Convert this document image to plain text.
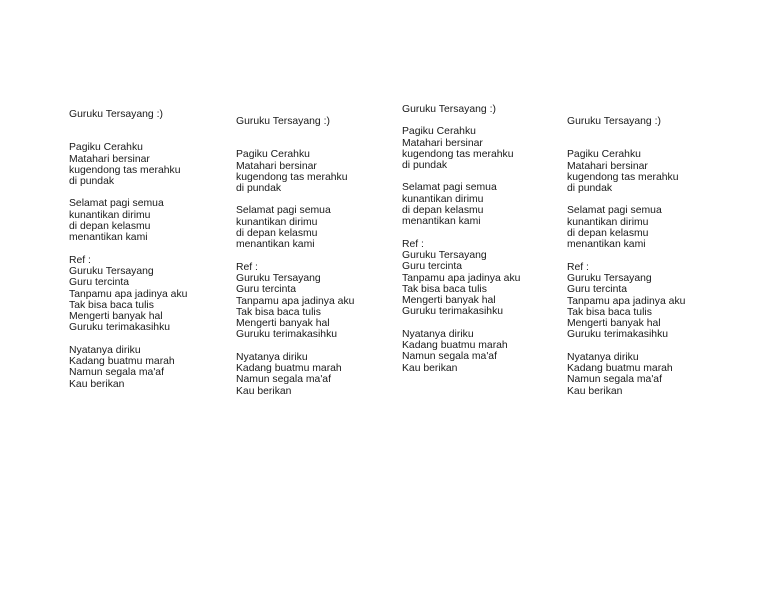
Guruku Tersayang :)
Pagiku Cerahku
Matahari bersinar
kugendong tas merahku
di pundak
Selamat pagi semua
kunantikan dirimu
di depan kelasmu
menantikan kami
Ref :
Guruku Tersayang
Guru tercinta
Tanpamu apa jadinya aku
Tak bisa baca tulis
Mengerti banyak hal
Guruku terimakasihku
Nyatanya diriku
Kadang buatmu marah
Namun segala ma'af
Kau berikan
Guruku Tersayang :)
Pagiku Cerahku
Matahari bersinar
kugendong tas merahku
di pundak
Selamat pagi semua
kunantikan dirimu
di depan kelasmu
menantikan kami
Ref :
Guruku Tersayang
Guru tercinta
Tanpamu apa jadinya aku
Tak bisa baca tulis
Mengerti banyak hal
Guruku terimakasihku
Nyatanya diriku
Kadang buatmu marah
Namun segala ma'af
Kau berikan
Guruku Tersayang :)
Pagiku Cerahku
Matahari bersinar
kugendong tas merahku
di pundak
Selamat pagi semua
kunantikan dirimu
di depan kelasmu
menantikan kami
Ref :
Guruku Tersayang
Guru tercinta
Tanpamu apa jadinya aku
Tak bisa baca tulis
Mengerti banyak hal
Guruku terimakasihku
Nyatanya diriku
Kadang buatmu marah
Namun segala ma'af
Kau berikan
Guruku Tersayang :)
Pagiku Cerahku
Matahari bersinar
kugendong tas merahku
di pundak
Selamat pagi semua
kunantikan dirimu
di depan kelasmu
menantikan kami
Ref :
Guruku Tersayang
Guru tercinta
Tanpamu apa jadinya aku
Tak bisa baca tulis
Mengerti banyak hal
Guruku terimakasihku
Nyatanya diriku
Kadang buatmu marah
Namun segala ma'af
Kau berikan
